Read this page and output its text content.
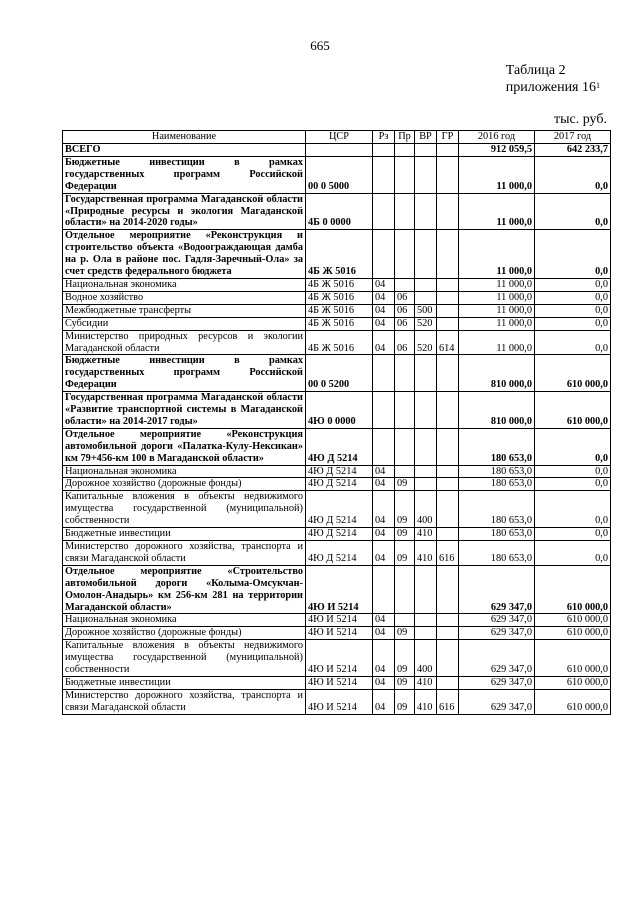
665
Таблица 2
приложения $16^1$
тыс. руб.
Наименование	ЦСР	Рз	Пр	ВР	ГР	2016 год	2017 год
ВСЕГО						912 059,5	642 233,7
Бюджетные инвестиции в рамках государственных программ Российской Федерации	00 0 5000					11 000,0	0,0
Государственная программа Магаданской области «Природные ресурсы и экология Магаданской области» на 2014-2020 годы»	4Б 0 0000					11 000,0	0,0
Отдельное мероприятие «Реконструкция и строительство объекта «Водоограждающая дамба на р. Ола в районе пос. Гадля-Заречный-Ола» за счет средств федерального бюджета	4Б Ж 5016					11 000,0	0,0
Национальная экономика	4Б Ж 5016	04				11 000,0	0,0
Водное хозяйство	4Б Ж 5016	04	06			11 000,0	0,0
Межбюджетные трансферты	4Б Ж 5016	04	06	500		11 000,0	0,0
Субсидии	4Б Ж 5016	04	06	520		11 000,0	0,0
Министерство природных ресурсов и экологии Магаданской области	4Б Ж 5016	04	06	520	614	11 000,0	0,0
Бюджетные инвестиции в рамках государственных программ Российской Федерации	00 0 5200					810 000,0	610 000,0
Государственная программа Магаданской области «Развитие транспортной системы в Магаданской области» на 2014-2017 годы»	4Ю 0 0000					810 000,0	610 000,0
Отдельное мероприятие «Реконструкция автомобильной дороги «Палатка-Кулу-Нексикан» км 79+456-км 100 в Магаданской области»	4Ю Д 5214					180 653,0	0,0
Национальная экономика	4Ю Д 5214	04				180 653,0	0,0
Дорожное хозяйство (дорожные фонды)	4Ю Д 5214	04	09			180 653,0	0,0
Капитальные вложения в объекты недвижимого имущества государственной (муниципальной) собственности	4Ю Д 5214	04	09	400		180 653,0	0,0
Бюджетные инвестиции	4Ю Д 5214	04	09	410		180 653,0	0,0
Министерство дорожного хозяйства, транспорта и связи Магаданской области	4Ю Д 5214	04	09	410	616	180 653,0	0,0
Отдельное мероприятие «Строительство автомобильной дороги «Колыма-Омсукчан-Омолон-Анадырь» км 256-км 281 на территории Магаданской области»	4Ю И 5214					629 347,0	610 000,0
Национальная экономика	4Ю И 5214	04				629 347,0	610 000,0
Дорожное хозяйство (дорожные фонды)	4Ю И 5214	04	09			629 347,0	610 000,0
Капитальные вложения в объекты недвижимого имущества государственной (муниципальной) собственности	4Ю И 5214	04	09	400		629 347,0	610 000,0
Бюджетные инвестиции	4Ю И 5214	04	09	410		629 347,0	610 000,0
Министерство дорожного хозяйства, транспорта и связи Магаданской области	4Ю И 5214	04	09	410	616	629 347,0	610 000,0
